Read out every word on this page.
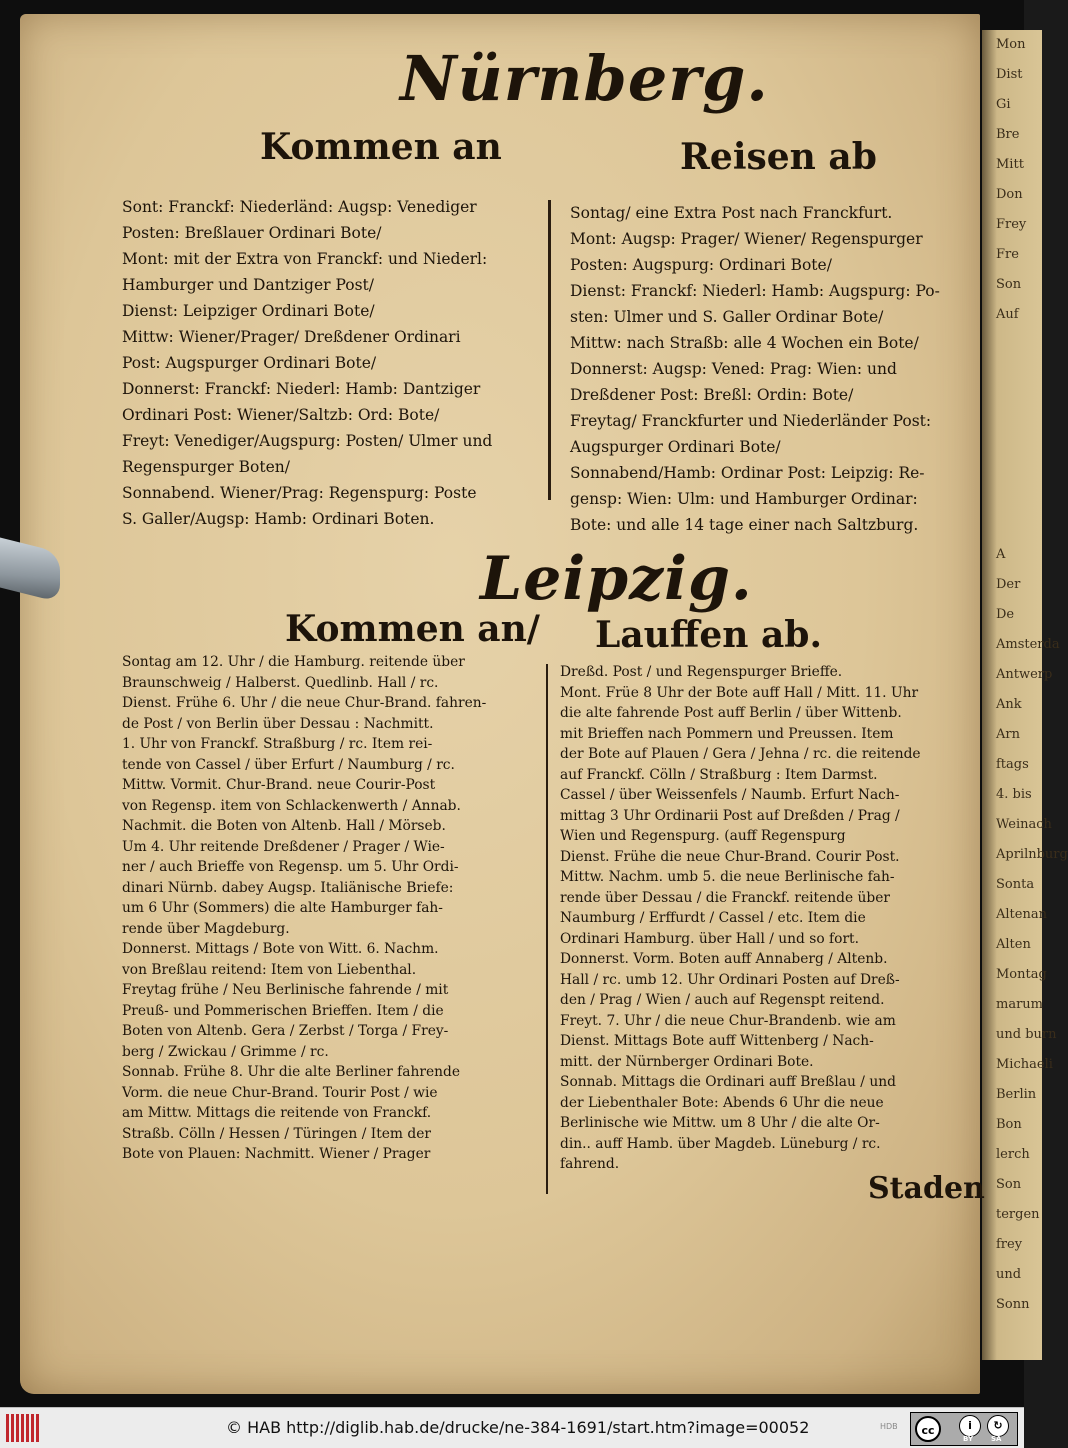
Mon
Dist
Gi
Bre
Mitt
Don
Frey
Fre
Son
Auf

A
Der
De
Amsterda
Antwerp
Ank
Arn
ftags
4. bis
Weinach
Aprilnburg
Sonta
Altenan
Alten
Montag
marum
und burn
Michaeli
Berlin
Bon
lerch
Son
tergen
frey
und
Sonn
Nürnberg.
Kommen an	Reisen ab
Sont: Franckf: Niederländ: Augsp: Venediger
Posten: Breßlauer Ordinari Bote/
Mont: mit der Extra von Franckf: und Niederl:
Hamburger und Dantziger Post/
Dienst: Leipziger Ordinari Bote/
Mittw: Wiener/Prager/ Dreßdener Ordinari
Post: Augspurger Ordinari Bote/
Donnerst: Franckf: Niederl: Hamb: Dantziger
Ordinari Post: Wiener/Saltzb: Ord: Bote/
Freyt: Venediger/Augspurg: Posten/ Ulmer und
Regenspurger Boten/
Sonnabend. Wiener/Prag: Regenspurg: Poste
S. Galler/Augsp: Hamb: Ordinari Boten.
Sontag/ eine Extra Post nach Franckfurt.
Mont: Augsp: Prager/ Wiener/ Regenspurger
Posten: Augspurg: Ordinari Bote/
Dienst: Franckf: Niederl: Hamb: Augspurg: Po-
sten: Ulmer und S. Galler Ordinar Bote/
Mittw: nach Straßb: alle 4 Wochen ein Bote/
Donnerst: Augsp: Vened: Prag: Wien: und
Dreßdener Post: Breßl: Ordin: Bote/
Freytag/ Franckfurter und Niederländer Post:
Augspurger Ordinari Bote/
Sonnabend/Hamb: Ordinar Post: Leipzig: Re-
gensp: Wien: Ulm: und Hamburger Ordinar:
Bote: und alle 14 tage einer nach Saltzburg.
Leipzig.
Kommen an/ Lauffen ab.
Sontag am 12. Uhr / die Hamburg. reitende über
Braunschweig / Halberst. Quedlinb. Hall / rc.
Dienst. Frühe 6. Uhr / die neue Chur-Brand. fahren-
de Post / von Berlin über Dessau : Nachmitt.
1. Uhr von Franckf. Straßburg / rc. Item rei-
tende von Cassel / über Erfurt / Naumburg / rc.
Mittw. Vormit. Chur-Brand. neue Courir-Post
von Regensp. item von Schlackenwerth / Annab.
Nachmit. die Boten von Altenb. Hall / Mörseb.
Um 4. Uhr reitende Dreßdener / Prager / Wie-
ner / auch Brieffe von Regensp. um 5. Uhr Ordi-
dinari Nürnb. dabey Augsp. Italiänische Briefe:
um 6 Uhr (Sommers) die alte Hamburger fah-
rende über Magdeburg.
Donnerst. Mittags / Bote von Witt. 6. Nachm.
von Breßlau reitend: Item von Liebenthal.
Freytag frühe / Neu Berlinische fahrende / mit
Preuß- und Pommerischen Brieffen. Item / die
Boten von Altenb. Gera / Zerbst / Torga / Frey-
berg / Zwickau / Grimme / rc.
Sonnab. Frühe 8. Uhr die alte Berliner fahrende
Vorm. die neue Chur-Brand. Tourir Post / wie
am Mittw. Mittags die reitende von Franckf.
Straßb. Cölln / Hessen / Türingen / Item der
Bote von Plauen: Nachmitt. Wiener / Prager
Dreßd. Post / und Regenspurger Brieffe.
Mont. Früe 8 Uhr der Bote auff Hall / Mitt. 11. Uhr
die alte fahrende Post auff Berlin / über Wittenb.
mit Brieffen nach Pommern und Preussen. Item
der Bote auf Plauen / Gera / Jehna / rc. die reitende
auf Franckf. Cölln / Straßburg : Item Darmst.
Cassel / über Weissenfels / Naumb. Erfurt Nach-
mittag 3 Uhr Ordinarii Post auf Dreßden / Prag /
Wien und Regenspurg. (auff Regenspurg
Dienst. Frühe die neue Chur-Brand. Courir Post.
Mittw. Nachm. umb 5. die neue Berlinische fah-
rende über Dessau / die Franckf. reitende über
Naumburg / Erffurdt / Cassel / etc. Item die
Ordinari Hamburg. über Hall / und so fort.
Donnerst. Vorm. Boten auff Annaberg / Altenb.
Hall / rc. umb 12. Uhr Ordinari Posten auf Dreß-
den / Prag / Wien / auch auf Regenspt reitend.
Freyt. 7. Uhr / die neue Chur-Brandenb. wie am
Dienst. Mittags Bote auff Wittenberg / Nach-
mitt. der Nürnberger Ordinari Bote.
Sonnab. Mittags die Ordinari auff Breßlau / und
der Liebenthaler Bote: Abends 6 Uhr die neue
Berlinische wie Mittw. um 8 Uhr / die alte Or-
din.. auff Hamb. über Magdeb. Lüneburg / rc.
fahrend.
Staden
© HAB http://diglib.hab.de/drucke/ne-384-1691/start.htm?image=00052	HDB	cc	i	↻
BY	SA
